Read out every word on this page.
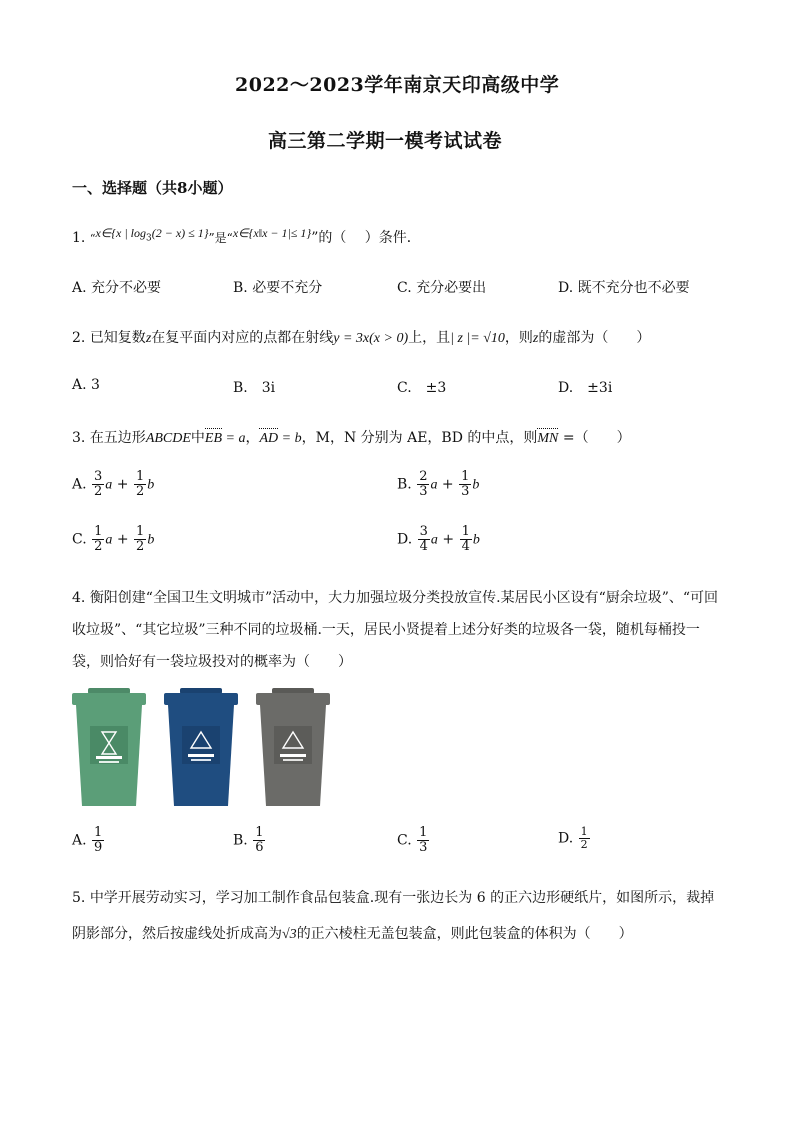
2022～2023学年南京天印高级中学
高三第二学期一模考试试卷
一、选择题（共8小题）
1. “x∈{x | $\log_3(2 - x) \le 1$}”是“x∈{x‖x − 1|≤ 1}”的（　 ）条件．
A. 充分不必要	B. 必要不充分	C. 充分必要出	D. 既不充分也不必要
2. 已知复数z在复平面内对应的点都在射线y = 3x(x > 0)上，且| z |= √10，则z的虚部为（　　）
A. 3	B.　3i	C.　±3	D.　±3i
3. 在五边形ABCDE中EB = a，AD = b，M，N 分别为 AE，BD 的中点，则MN =（　　）
A. $\frac{3}{2}$ $a + \frac{1}{2}$ b	B. $\frac{2}{3}$ $a + \frac{1}{3}$ b
C. $\frac{1}{2}$ $a + \frac{1}{2}$ b	D. $\frac{3}{4}$ $a + \frac{1}{4}$ b
4. 衡阳创建“全国卫生文明城市”活动中，大力加强垃圾分类投放宣传.某居民小区设有“厨余垃圾”、“可回
收垃圾”、“其它垃圾”三种不同的垃圾桶.一天，居民小贤提着上述分好类的垃圾各一袋，随机每桶投一
袋，则恰好有一袋垃圾投对的概率为（　　）
A. $\frac{1}{9}$	B. $\frac{1}{6}$	C. $\frac{1}{3}$	D. $\frac{1}{2}$
5. 中学开展劳动实习，学习加工制作食品包装盒.现有一张边长为 6 的正六边形硬纸片，如图所示，裁掉
阴影部分，然后按虚线处折成高为√3的正六棱柱无盖包装盒，则此包装盒的体积为（　　）
